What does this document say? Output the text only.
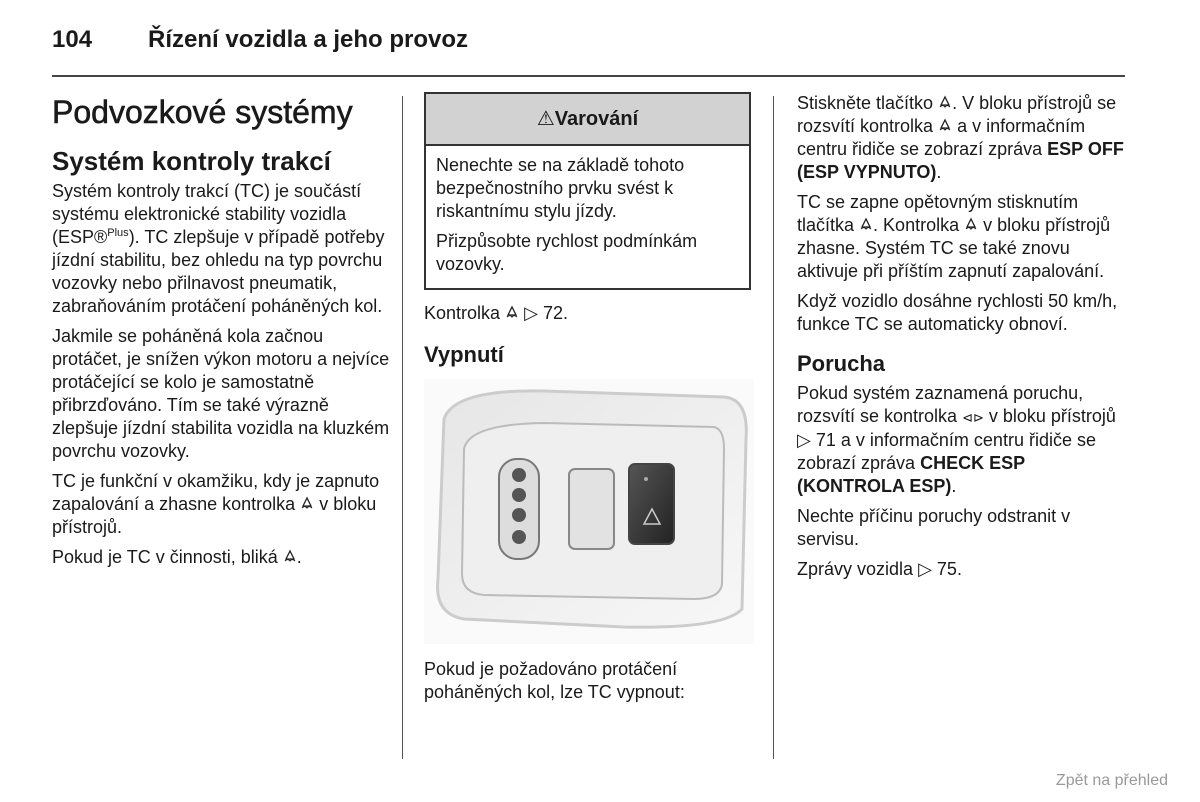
104 Řízení vozidla a jeho provoz
Podvozkové systémy
Systém kontroly trakcí

Systém kontroly trakcí (TC) je součástí systému elektronické stability vozidla (ESP®$^{Plus}$). TC zlepšuje v případě potřeby jízdní stabilitu, bez ohledu na typ povrchu vozovky nebo přilnavost pneumatik, zabraňováním protáčení poháněných kol.

Jakmile se poháněná kola začnou protáčet, je snížen výkon motoru a nejvíce protáčející se kolo je samostatně přibrzďováno. Tím se také výrazně zlepšuje jízdní stabilita vozidla na kluzkém povrchu vozovky.

TC je funkční v okamžiku, kdy je zapnuto zapalování a zhasne kontrolka v bloku přístrojů.

Pokud je TC v činnosti, bliká .

⚠Varování

Nenechte se na základě tohoto bezpečnostního prvku svést k riskantnímu stylu jízdy.

Přizpůsobte rychlost podmínkám vozovky.

Kontrolka ▷ 72.

Vypnutí

Pokud je požadováno protáčení poháněných kol, lze TC vypnout:

Stiskněte tlačítko . V bloku přístrojů se rozsvítí kontrolka a v informačním centru řidiče se zobrazí zpráva ESP OFF (ESP VYPNUTO).

TC se zapne opětovným stisknutím tlačítka . Kontrolka v bloku přístrojů zhasne. Systém TC se také znovu aktivuje při příštím zapnutí zapalování.

Když vozidlo dosáhne rychlosti 50 km/h, funkce TC se automaticky obnoví.

Porucha

Pokud systém zaznamená poruchu, rozsvítí se kontrolka ⊲⊳ v bloku přístrojů ▷ 71 a v informačním centru řidiče se zobrazí zpráva CHECK ESP (KONTROLA ESP).

Nechte příčinu poruchy odstranit v servisu.

Zprávy vozidla ▷ 75.

Zpět na přehled
